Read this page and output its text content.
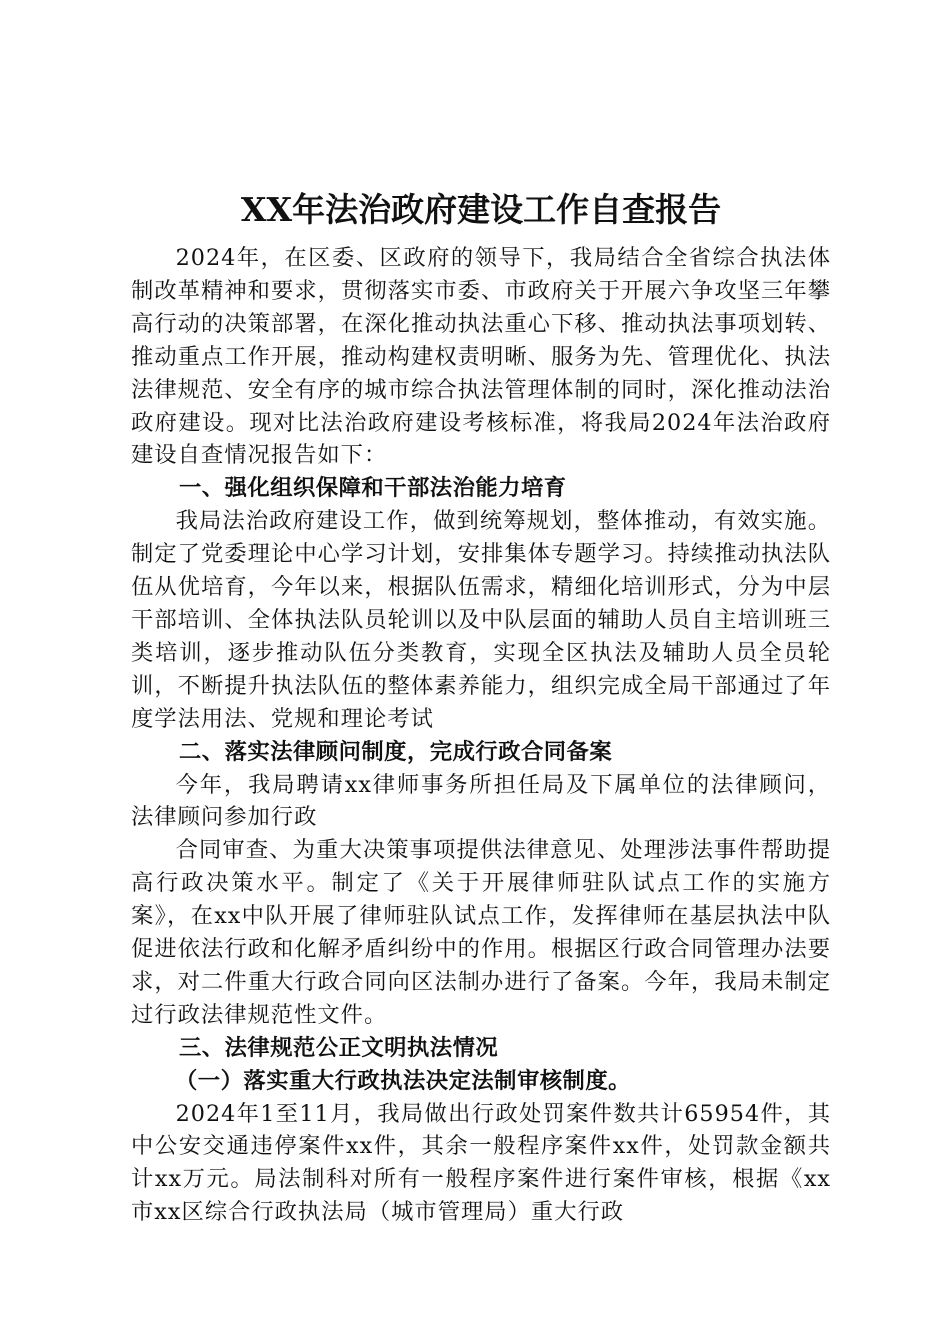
XX年法治政府建设工作自查报告

2024年，在区委、区政府的领导下，我局结合全省综合执法体制改革精神和要求，贯彻落实市委、市政府关于开展六争攻坚三年攀高行动的决策部署，在深化推动执法重心下移、推动执法事项划转、推动重点工作开展，推动构建权责明晰、服务为先、管理优化、执法法律规范、安全有序的城市综合执法管理体制的同时，深化推动法治政府建设。现对比法治政府建设考核标准，将我局2024年法治政府建设自查情况报告如下：

一、强化组织保障和干部法治能力培育

我局法治政府建设工作，做到统筹规划，整体推动，有效实施。制定了党委理论中心学习计划，安排集体专题学习。持续推动执法队伍从优培育，今年以来，根据队伍需求，精细化培训形式，分为中层干部培训、全体执法队员轮训以及中队层面的辅助人员自主培训班三类培训，逐步推动队伍分类教育，实现全区执法及辅助人员全员轮训，不断提升执法队伍的整体素养能力，组织完成全局干部通过了年度学法用法、党规和理论考试

二、落实法律顾问制度，完成行政合同备案

今年，我局聘请xx律师事务所担任局及下属单位的法律顾问，法律顾问参加行政

合同审查、为重大决策事项提供法律意见、处理涉法事件帮助提高行政决策水平。制定了《关于开展律师驻队试点工作的实施方案》，在xx中队开展了律师驻队试点工作，发挥律师在基层执法中队促进依法行政和化解矛盾纠纷中的作用。根据区行政合同管理办法要求，对二件重大行政合同向区法制办进行了备案。今年，我局未制定过行政法律规范性文件。

三、法律规范公正文明执法情况

（一）落实重大行政执法决定法制审核制度。

2024年1至11月，我局做出行政处罚案件数共计65954件，其中公安交通违停案件xx件，其余一般程序案件xx件，处罚款金额共计xx万元。局法制科对所有一般程序案件进行案件审核，根据《xx市xx区综合行政执法局（城市管理局）重大行政
